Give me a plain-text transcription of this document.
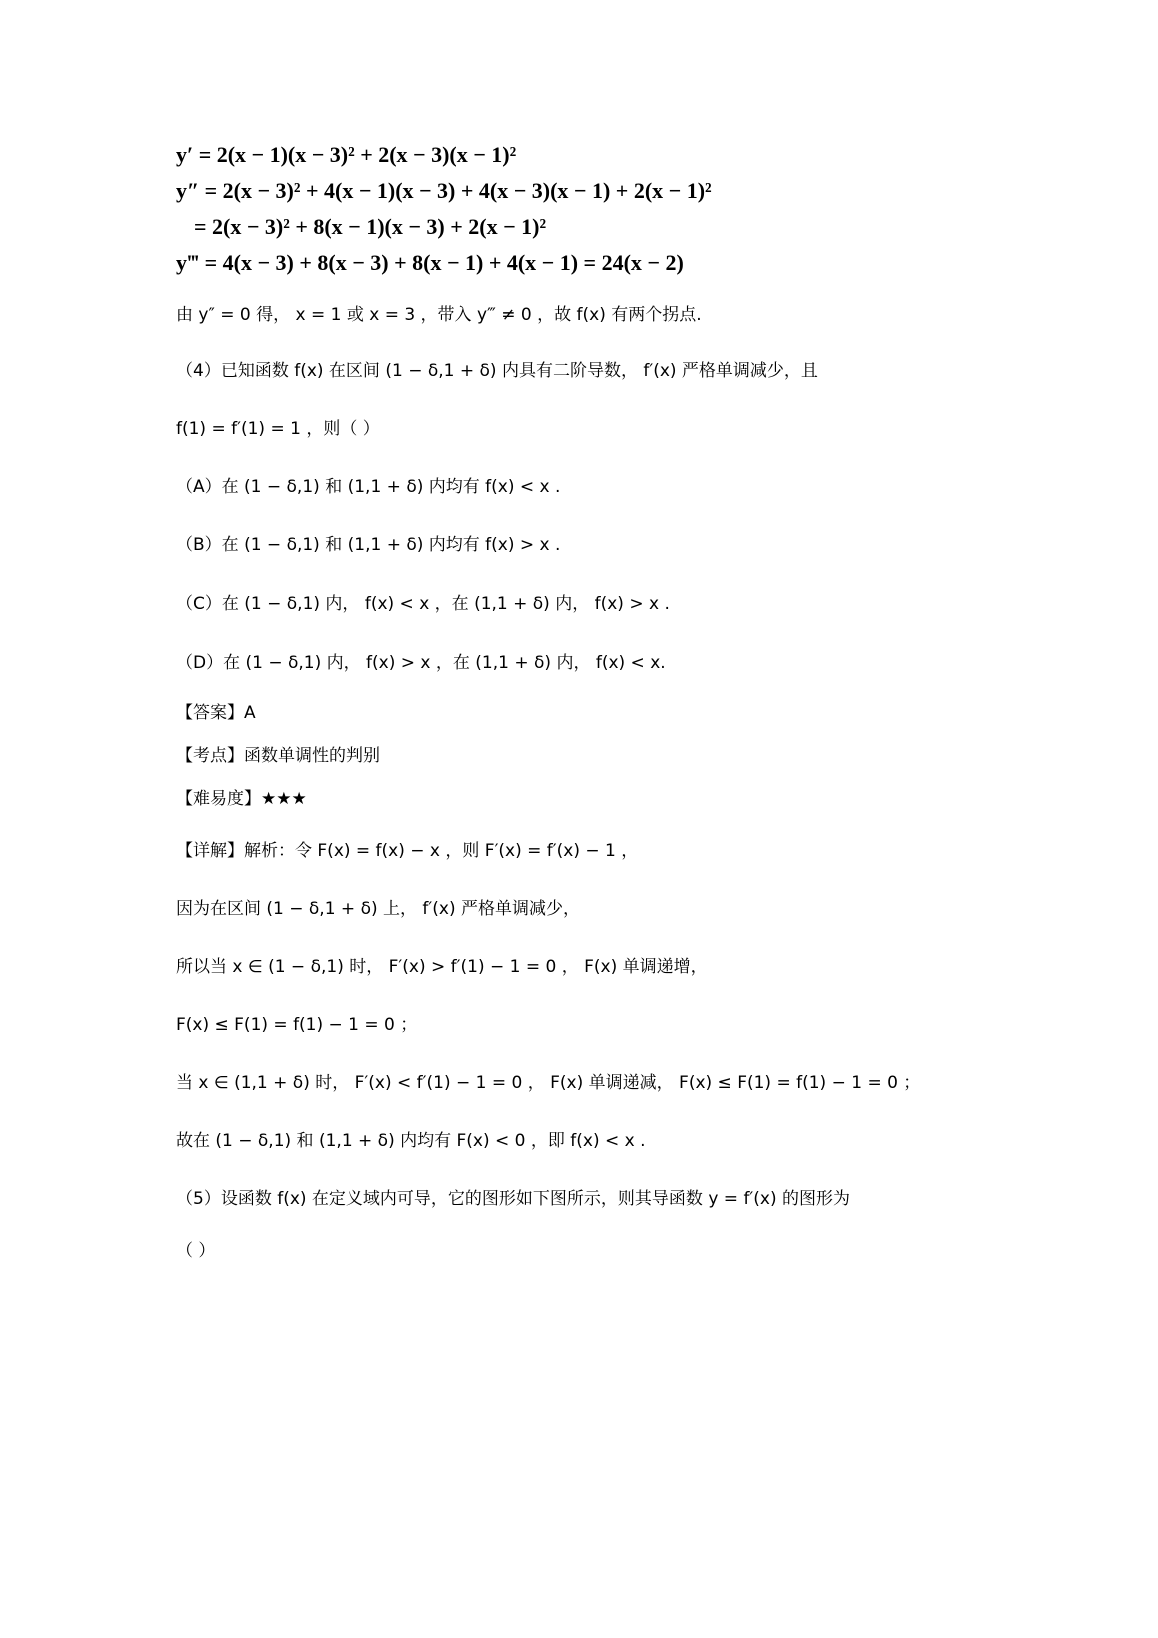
y′ = 2(x − 1)(x − 3)² + 2(x − 3)(x − 1)²
y″ = 2(x − 3)² + 4(x − 1)(x − 3) + 4(x − 3)(x − 1) + 2(x − 1)²
= 2(x − 3)² + 8(x − 1)(x − 3) + 2(x − 1)²
y‴ = 4(x − 3) + 8(x − 3) + 8(x − 1) + 4(x − 1) = 24(x − 2)
由 y″ = 0 得， x = 1 或 x = 3 ，带入 y‴ ≠ 0 ，故 f(x) 有两个拐点.
（4）已知函数 f(x) 在区间 (1 − δ,1 + δ) 内具有二阶导数， f′(x) 严格单调减少，且
f(1) = f′(1) = 1 ，则（ ）
（A）在 (1 − δ,1) 和 (1,1 + δ) 内均有 f(x) < x .
（B）在 (1 − δ,1) 和 (1,1 + δ) 内均有 f(x) > x .
（C）在 (1 − δ,1) 内， f(x) < x ，在 (1,1 + δ) 内， f(x) > x .
（D）在 (1 − δ,1) 内， f(x) > x ，在 (1,1 + δ) 内， f(x) < x.
【答案】A
【考点】函数单调性的判别
【难易度】★★★
【详解】解析：令 F(x) = f(x) − x ，则 F′(x) = f′(x) − 1 ，
因为在区间 (1 − δ,1 + δ) 上， f′(x) 严格单调减少，
所以当 x ∈ (1 − δ,1) 时， F′(x) > f′(1) − 1 = 0 ， F(x) 单调递增，
F(x) ≤ F(1) = f(1) − 1 = 0 ；
当 x ∈ (1,1 + δ) 时， F′(x) < f′(1) − 1 = 0 ， F(x) 单调递减， F(x) ≤ F(1) = f(1) − 1 = 0 ；
故在 (1 − δ,1) 和 (1,1 + δ) 内均有 F(x) < 0 ，即 f(x) < x .
（5）设函数 f(x) 在定义域内可导，它的图形如下图所示，则其导函数 y = f′(x) 的图形为
（ ）
